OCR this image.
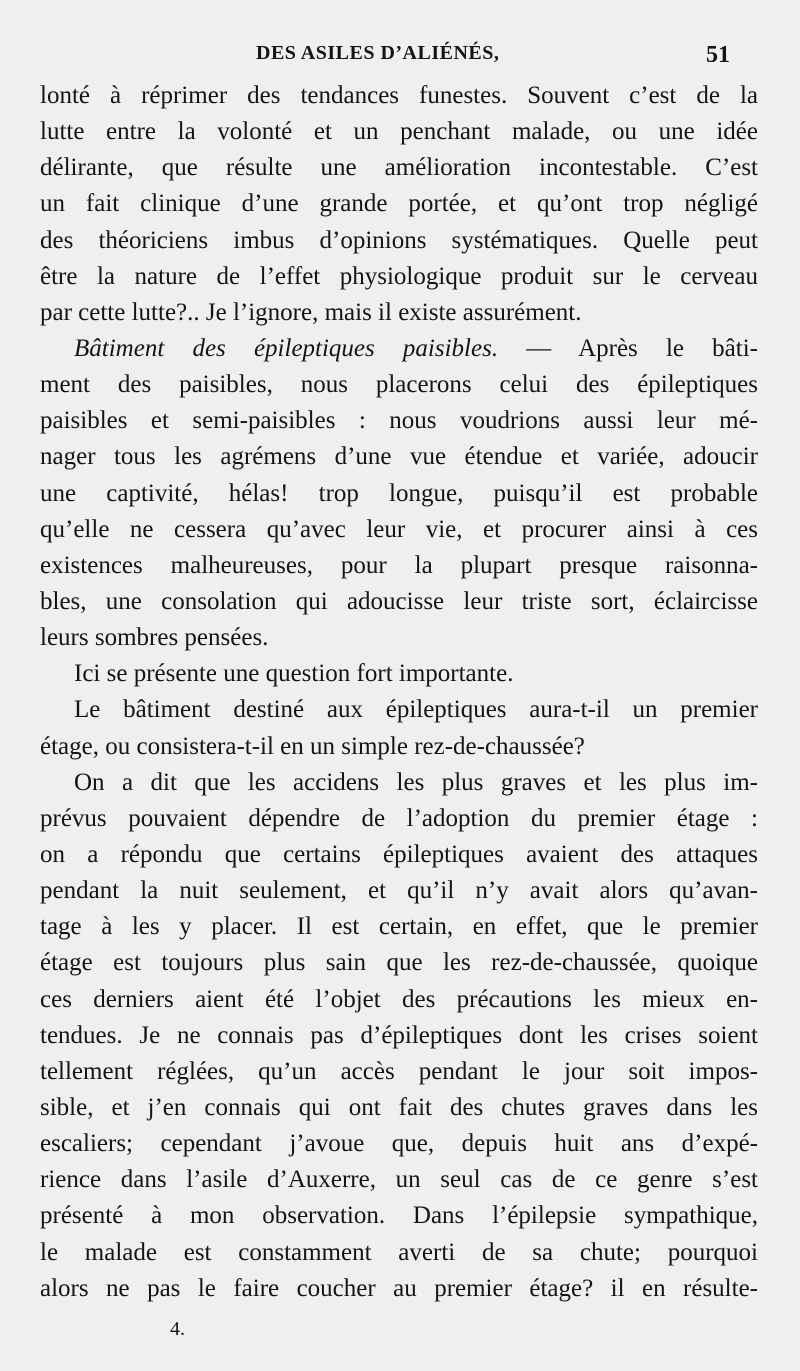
DES ASILES D’ALIÉNÉS,	51
lonté à réprimer des tendances funestes. Souvent c’est de la
lutte entre la volonté et un penchant malade, ou une idée
délirante, que résulte une amélioration incontestable. C’est
un fait clinique d’une grande portée, et qu’ont trop négligé
des théoriciens imbus d’opinions systématiques. Quelle peut
être la nature de l’effet physiologique produit sur le cerveau
par cette lutte?.. Je l’ignore, mais il existe assurément.
Bâtiment des épileptiques paisibles. — Après le bâti-
ment des paisibles, nous placerons celui des épileptiques
paisibles et semi-paisibles : nous voudrions aussi leur mé-
nager tous les agrémens d’une vue étendue et variée, adoucir
une captivité, hélas! trop longue, puisqu’il est probable
qu’elle ne cessera qu’avec leur vie, et procurer ainsi à ces
existences malheureuses, pour la plupart presque raisonna-
bles, une consolation qui adoucisse leur triste sort, éclaircisse
leurs sombres pensées.
Ici se présente une question fort importante.
Le bâtiment destiné aux épileptiques aura-t-il un premier
étage, ou consistera-t-il en un simple rez-de-chaussée?
On a dit que les accidens les plus graves et les plus im-
prévus pouvaient dépendre de l’adoption du premier étage :
on a répondu que certains épileptiques avaient des attaques
pendant la nuit seulement, et qu’il n’y avait alors qu’avan-
tage à les y placer. Il est certain, en effet, que le premier
étage est toujours plus sain que les rez-de-chaussée, quoique
ces derniers aient été l’objet des précautions les mieux en-
tendues. Je ne connais pas d’épileptiques dont les crises soient
tellement réglées, qu’un accès pendant le jour soit impos-
sible, et j’en connais qui ont fait des chutes graves dans les
escaliers; cependant j’avoue que, depuis huit ans d’expé-
rience dans l’asile d’Auxerre, un seul cas de ce genre s’est
présenté à mon observation. Dans l’épilepsie sympathique,
le malade est constamment averti de sa chute; pourquoi
alors ne pas le faire coucher au premier étage? il en résulte-
4.
